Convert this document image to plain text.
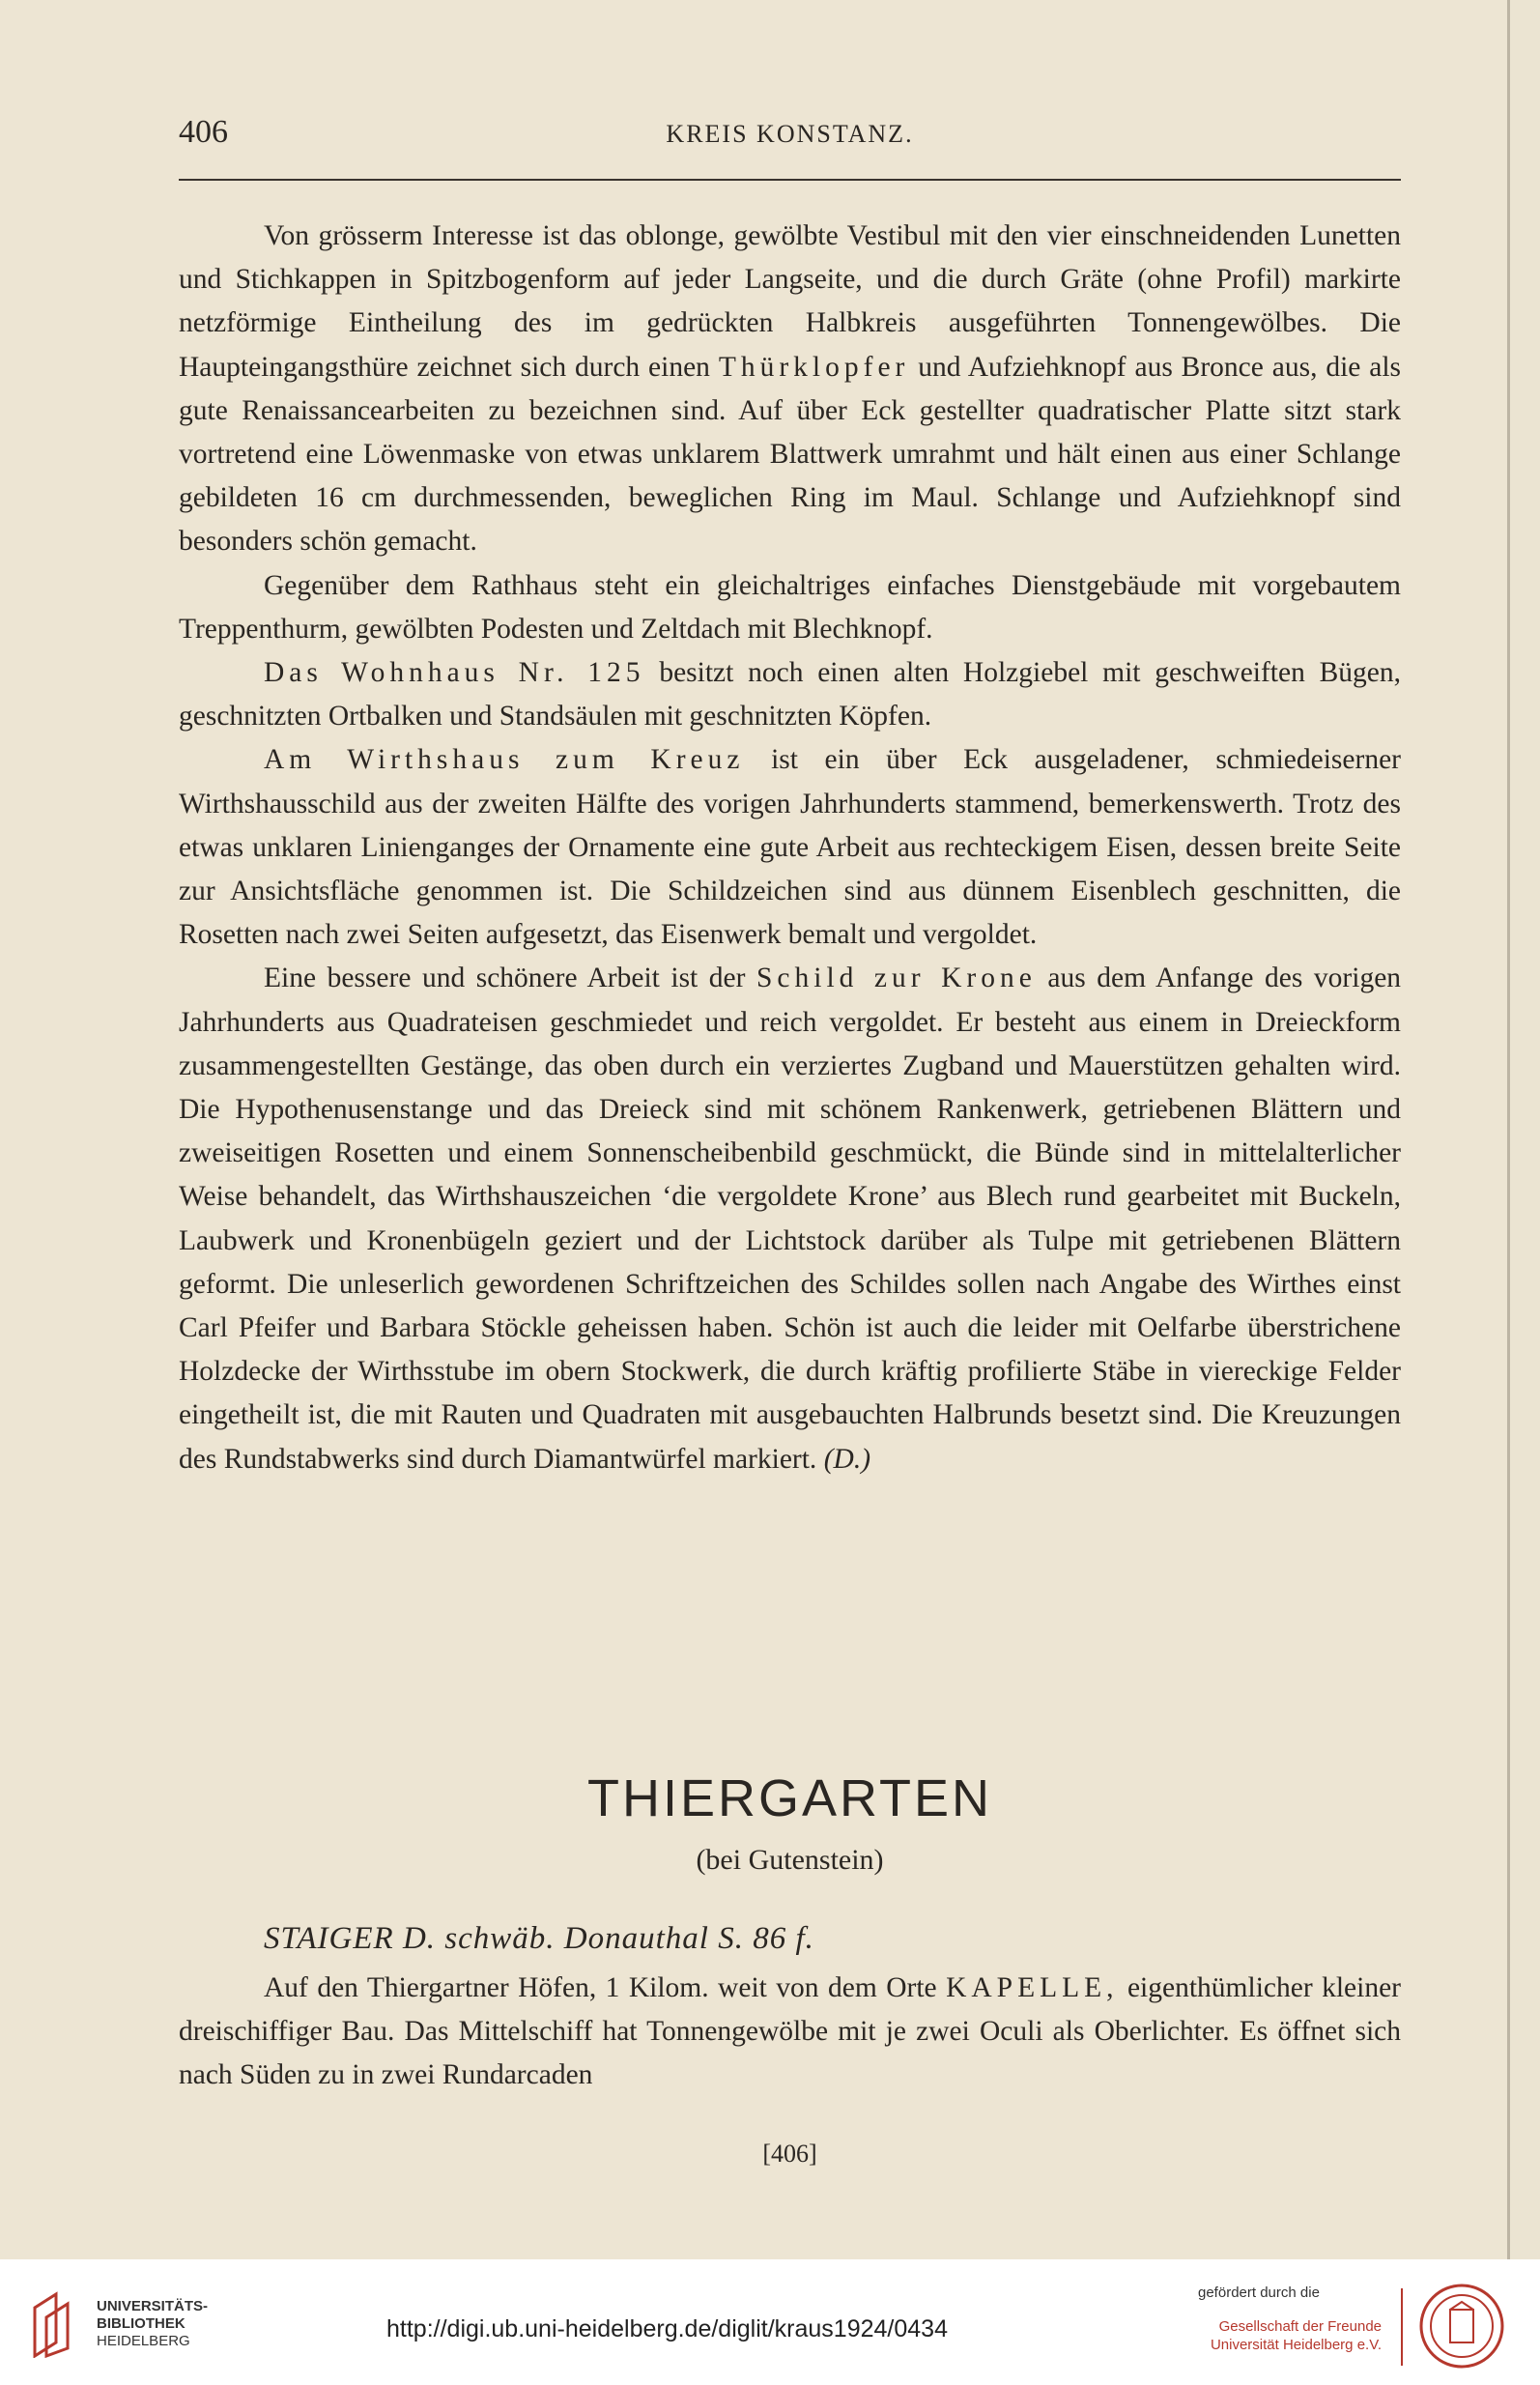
406	KREIS KONSTANZ.

Von grösserm Interesse ist das oblonge, gewölbte Vestibul mit den vier einschneidenden Lunetten und Stichkappen in Spitzbogenform auf jeder Langseite, und die durch Gräte (ohne Profil) markirte netzförmige Eintheilung des im gedrückten Halbkreis ausgeführten Tonnengewölbes. Die Haupteingangsthüre zeichnet sich durch einen Thürklopfer und Aufziehknopf aus Bronce aus, die als gute Renaissancearbeiten zu bezeichnen sind. Auf über Eck gestellter quadratischer Platte sitzt stark vortretend eine Löwenmaske von etwas unklarem Blattwerk umrahmt und hält einen aus einer Schlange gebildeten 16 cm durchmessenden, beweglichen Ring im Maul. Schlange und Aufziehknopf sind besonders schön gemacht.

Gegenüber dem Rathhaus steht ein gleichaltriges einfaches Dienstgebäude mit vorgebautem Treppenthurm, gewölbten Podesten und Zeltdach mit Blechknopf.

Das Wohnhaus Nr. 125 besitzt noch einen alten Holzgiebel mit geschweiften Bügen, geschnitzten Ortbalken und Standsäulen mit geschnitzten Köpfen.

Am Wirthshaus zum Kreuz ist ein über Eck ausgeladener, schmiedeiserner Wirthshausschild aus der zweiten Hälfte des vorigen Jahrhunderts stammend, bemerkenswerth. Trotz des etwas unklaren Linienganges der Ornamente eine gute Arbeit aus rechteckigem Eisen, dessen breite Seite zur Ansichtsfläche genommen ist. Die Schildzeichen sind aus dünnem Eisenblech geschnitten, die Rosetten nach zwei Seiten aufgesetzt, das Eisenwerk bemalt und vergoldet.

Eine bessere und schönere Arbeit ist der Schild zur Krone aus dem Anfange des vorigen Jahrhunderts aus Quadrateisen geschmiedet und reich vergoldet. Er besteht aus einem in Dreieckform zusammengestellten Gestänge, das oben durch ein verziertes Zugband und Mauerstützen gehalten wird. Die Hypothenusenstange und das Dreieck sind mit schönem Rankenwerk, getriebenen Blättern und zweiseitigen Rosetten und einem Sonnenscheibenbild geschmückt, die Bünde sind in mittelalterlicher Weise behandelt, das Wirthshauszeichen ‘die vergoldete Krone’ aus Blech rund gearbeitet mit Buckeln, Laubwerk und Kronenbügeln geziert und der Lichtstock darüber als Tulpe mit getriebenen Blättern geformt. Die unleserlich gewordenen Schriftzeichen des Schildes sollen nach Angabe des Wirthes einst Carl Pfeifer und Barbara Stöckle geheissen haben. Schön ist auch die leider mit Oelfarbe überstrichene Holzdecke der Wirthsstube im obern Stockwerk, die durch kräftig profilierte Stäbe in viereckige Felder eingetheilt ist, die mit Rauten und Quadraten mit ausgebauchten Halbrunds besetzt sind. Die Kreuzungen des Rundstabwerks sind durch Diamantwürfel markiert. (D.)

THIERGARTEN
(bei Gutenstein)
STAIGER D. schwäb. Donauthal S. 86 f.

Auf den Thiergartner Höfen, 1 Kilom. weit von dem Orte KAPELLE, eigenthümlicher kleiner dreischiffiger Bau. Das Mittelschiff hat Tonnengewölbe mit je zwei Oculi als Oberlichter. Es öffnet sich nach Süden zu in zwei Rundarcaden

[406]
UNIVERSITÄTS-
BIBLIOTHEK
HEIDELBERG	http://digi.ub.uni-heidelberg.de/diglit/kraus1924/0434
gefördert durch die
Gesellschaft der Freunde
Universität Heidelberg e.V.
